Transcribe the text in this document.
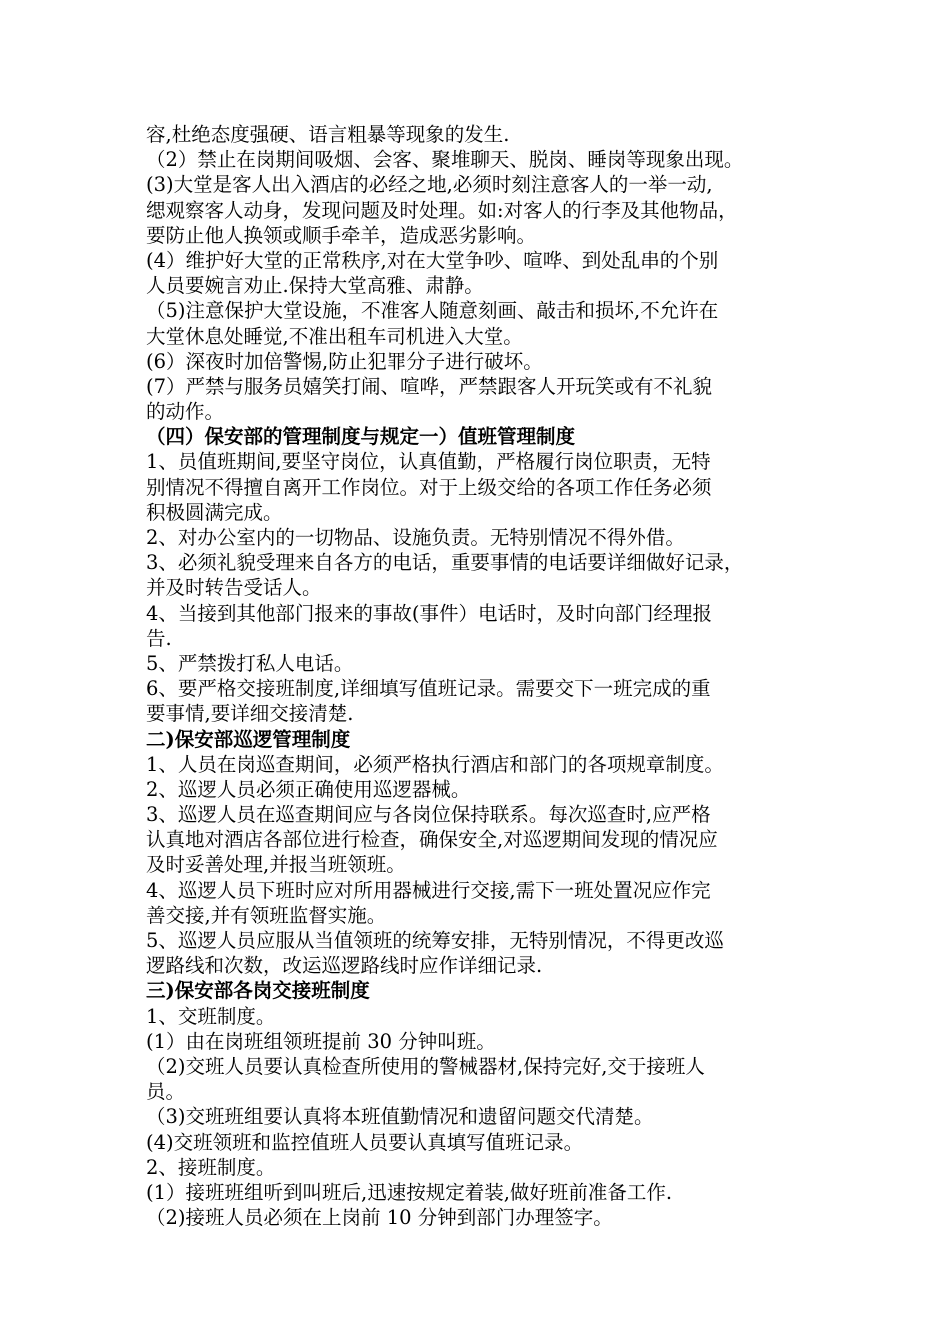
容,杜绝态度强硬、语言粗暴等现象的发生.
（2）禁止在岗期间吸烟、会客、聚堆聊天、脱岗、睡岗等现象出现。
(3)大堂是客人出入酒店的必经之地,必须时刻注意客人的一举一动,
缌观察客人动身，发现问题及时处理。如:对客人的行李及其他物品，
要防止他人换领或顺手牵羊，造成恶劣影响。
(4）维护好大堂的正常秩序,对在大堂争吵、喧哗、到处乱串的个别
人员要婉言劝止.保持大堂高雅、肃静。
（5)注意保护大堂设施，不准客人随意刻画、敲击和损坏,不允许在
大堂休息处睡觉,不准出租车司机进入大堂。
(6）深夜时加倍警惕,防止犯罪分子进行破坏。
(7）严禁与服务员嬉笑打闹、喧哗，严禁跟客人开玩笑或有不礼貌
的动作。
（四）保安部的管理制度与规定一）值班管理制度
1、员值班期间,要坚守岗位，认真值勤，严格履行岗位职责，无特
别情况不得擅自离开工作岗位。对于上级交给的各项工作任务必须
积极圆满完成。
2、对办公室内的一切物品、设施负责。无特别情况不得外借。
3、必须礼貌受理来自各方的电话，重要事情的电话要详细做好记录，
并及时转告受话人。
4、当接到其他部门报来的事故(事件）电话时，及时向部门经理报
告.
5、严禁拨打私人电话。
6、要严格交接班制度,详细填写值班记录。需要交下一班完成的重
要事情,要详细交接清楚.
二)保安部巡逻管理制度
1、人员在岗巡查期间，必须严格执行酒店和部门的各项规章制度。
2、巡逻人员必须正确使用巡逻器械。
3、巡逻人员在巡查期间应与各岗位保持联系。每次巡查时,应严格
认真地对酒店各部位进行检查，确保安全,对巡逻期间发现的情况应
及时妥善处理,并报当班领班。
4、巡逻人员下班时应对所用器械进行交接,需下一班处置况应作完
善交接,并有领班监督实施。
5、巡逻人员应服从当值领班的统筹安排，无特别情况，不得更改巡
逻路线和次数，改运巡逻路线时应作详细记录.
三)保安部各岗交接班制度
1、交班制度。
(1）由在岗班组领班提前 30 分钟叫班。
（2)交班人员要认真检查所使用的警械器材,保持完好,交于接班人
员。
（3)交班班组要认真将本班值勤情况和遗留问题交代清楚。
(4)交班领班和监控值班人员要认真填写值班记录。
2、接班制度。
(1）接班班组听到叫班后,迅速按规定着装,做好班前准备工作.
（2)接班人员必须在上岗前 10 分钟到部门办理签字。
